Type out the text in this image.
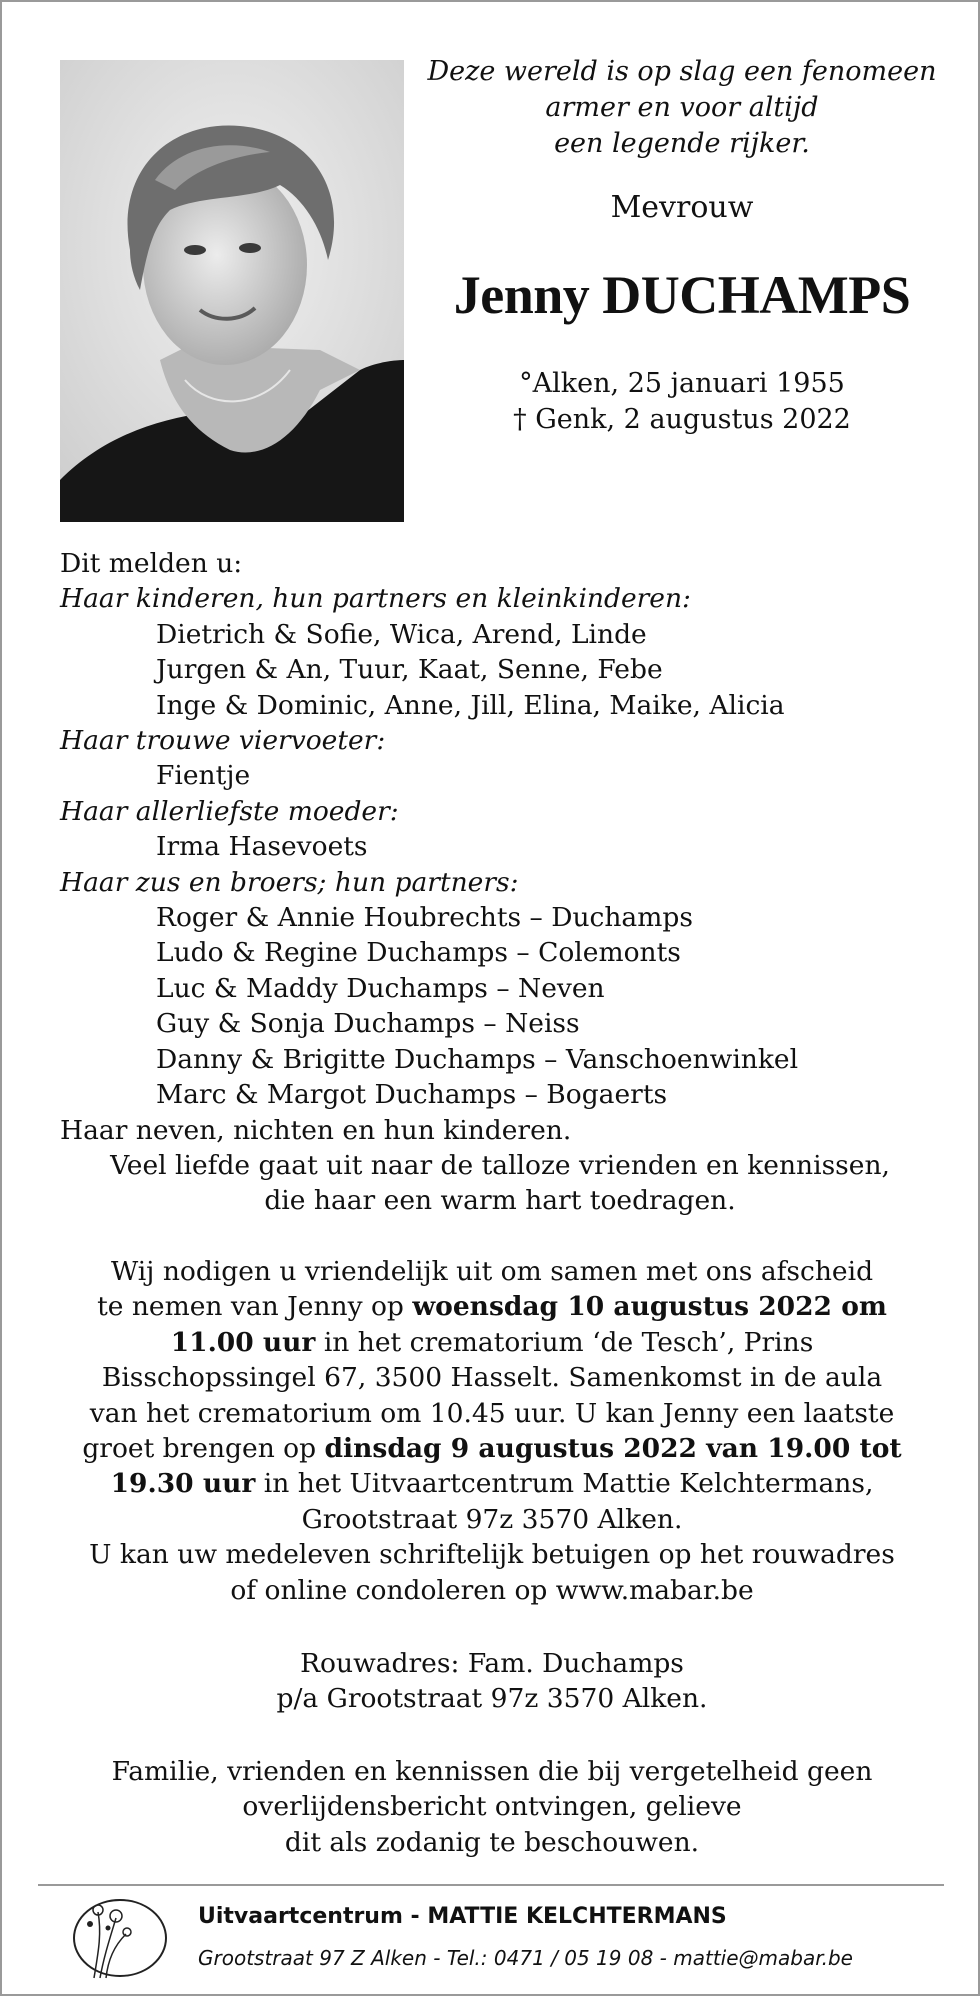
Deze wereld is op slag een fenomeen
armer en voor altijd
een legende rijker.
Mevrouw
Jenny DUCHAMPS
°Alken, 25 januari 1955
† Genk, 2 augustus 2022
Dit melden u:
Haar kinderen, hun partners en kleinkinderen:
Dietrich & Sofie, Wica, Arend, Linde
Jurgen & An, Tuur, Kaat, Senne, Febe
Inge & Dominic, Anne, Jill, Elina, Maike, Alicia
Haar trouwe viervoeter:
Fientje
Haar allerliefste moeder:
Irma Hasevoets
Haar zus en broers; hun partners:
Roger & Annie Houbrechts – Duchamps
Ludo & Regine Duchamps – Colemonts
Luc & Maddy Duchamps – Neven
Guy & Sonja Duchamps – Neiss
Danny & Brigitte Duchamps – Vanschoenwinkel
Marc & Margot Duchamps – Bogaerts
Haar neven, nichten en hun kinderen.
Veel liefde gaat uit naar de talloze vrienden en kennissen,
die haar een warm hart toedragen.
Wij nodigen u vriendelijk uit om samen met ons afscheid
te nemen van Jenny op woensdag 10 augustus 2022 om
11.00 uur in het crematorium ‘de Tesch’, Prins
Bisschopssingel 67, 3500 Hasselt. Samenkomst in de aula
van het crematorium om 10.45 uur. U kan Jenny een laatste
groet brengen op dinsdag 9 augustus 2022 van 19.00 tot
19.30 uur in het Uitvaartcentrum Mattie Kelchtermans,
Grootstraat 97z 3570 Alken.
U kan uw medeleven schriftelijk betuigen op het rouwadres
of online condoleren op www.mabar.be
Rouwadres: Fam. Duchamps
p/a Grootstraat 97z 3570 Alken.
Familie, vrienden en kennissen die bij vergetelheid geen
overlijdensbericht ontvingen, gelieve
dit als zodanig te beschouwen.
Uitvaartcentrum - MATTIE KELCHTERMANS
Grootstraat 97 Z Alken - Tel.: 0471 / 05 19 08 - mattie@mabar.be
